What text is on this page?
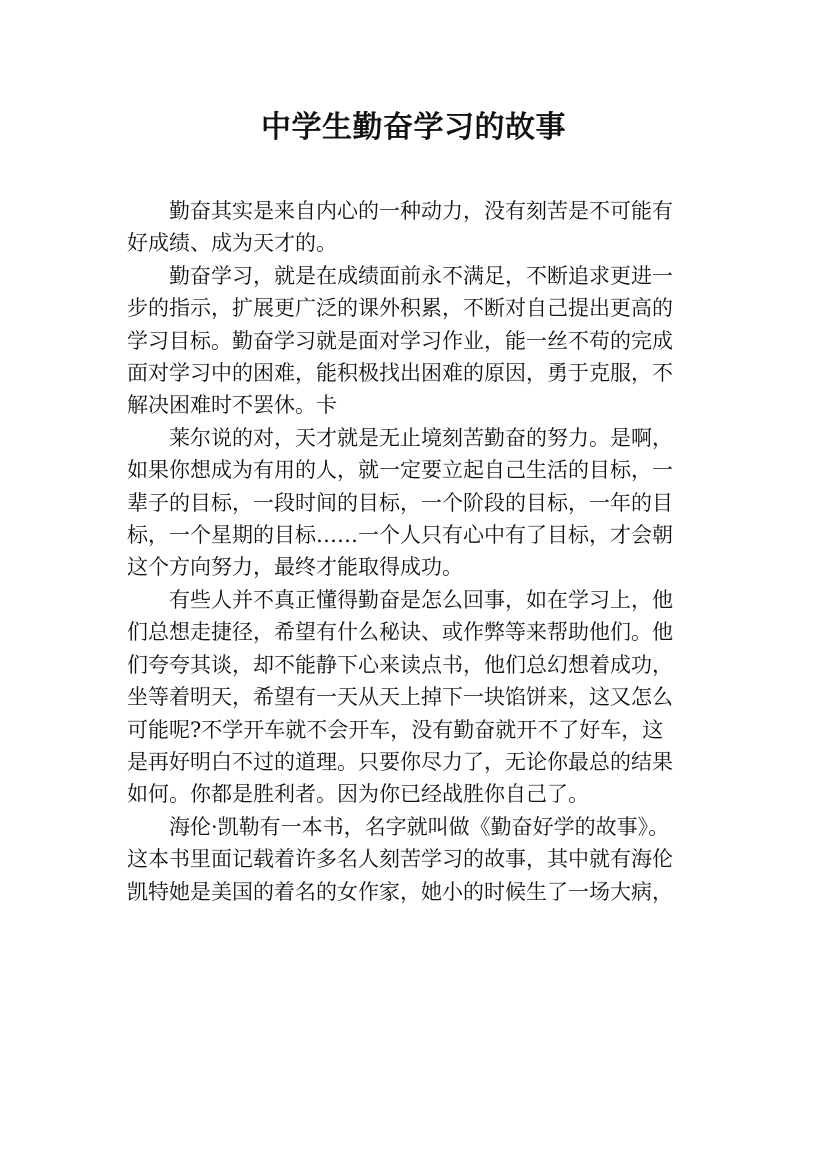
中学生勤奋学习的故事
勤奋其实是来自内心的一种动力，没有刻苦是不可能有
好成绩、成为天才的。
勤奋学习，就是在成绩面前永不满足，不断追求更进一
步的指示，扩展更广泛的课外积累，不断对自己提出更高的
学习目标。勤奋学习就是面对学习作业，能一丝不苟的完成
面对学习中的困难，能积极找出困难的原因，勇于克服，不
解决困难时不罢休。卡
莱尔说的对，天才就是无止境刻苦勤奋的努力。是啊，
如果你想成为有用的人，就一定要立起自己生活的目标，一
辈子的目标，一段时间的目标，一个阶段的目标，一年的目
标，一个星期的目标……一个人只有心中有了目标，才会朝
这个方向努力，最终才能取得成功。
有些人并不真正懂得勤奋是怎么回事，如在学习上，他
们总想走捷径，希望有什么秘诀、或作弊等来帮助他们。他
们夸夸其谈，却不能静下心来读点书，他们总幻想着成功，
坐等着明天，希望有一天从天上掉下一块馅饼来，这又怎么
可能呢?不学开车就不会开车，没有勤奋就开不了好车，这
是再好明白不过的道理。只要你尽力了，无论你最总的结果
如何。你都是胜利者。因为你已经战胜你自己了。
海伦·凯勒有一本书，名字就叫做《勤奋好学的故事》。
这本书里面记载着许多名人刻苦学习的故事，其中就有海伦
凯特她是美国的着名的女作家，她小的时候生了一场大病，
